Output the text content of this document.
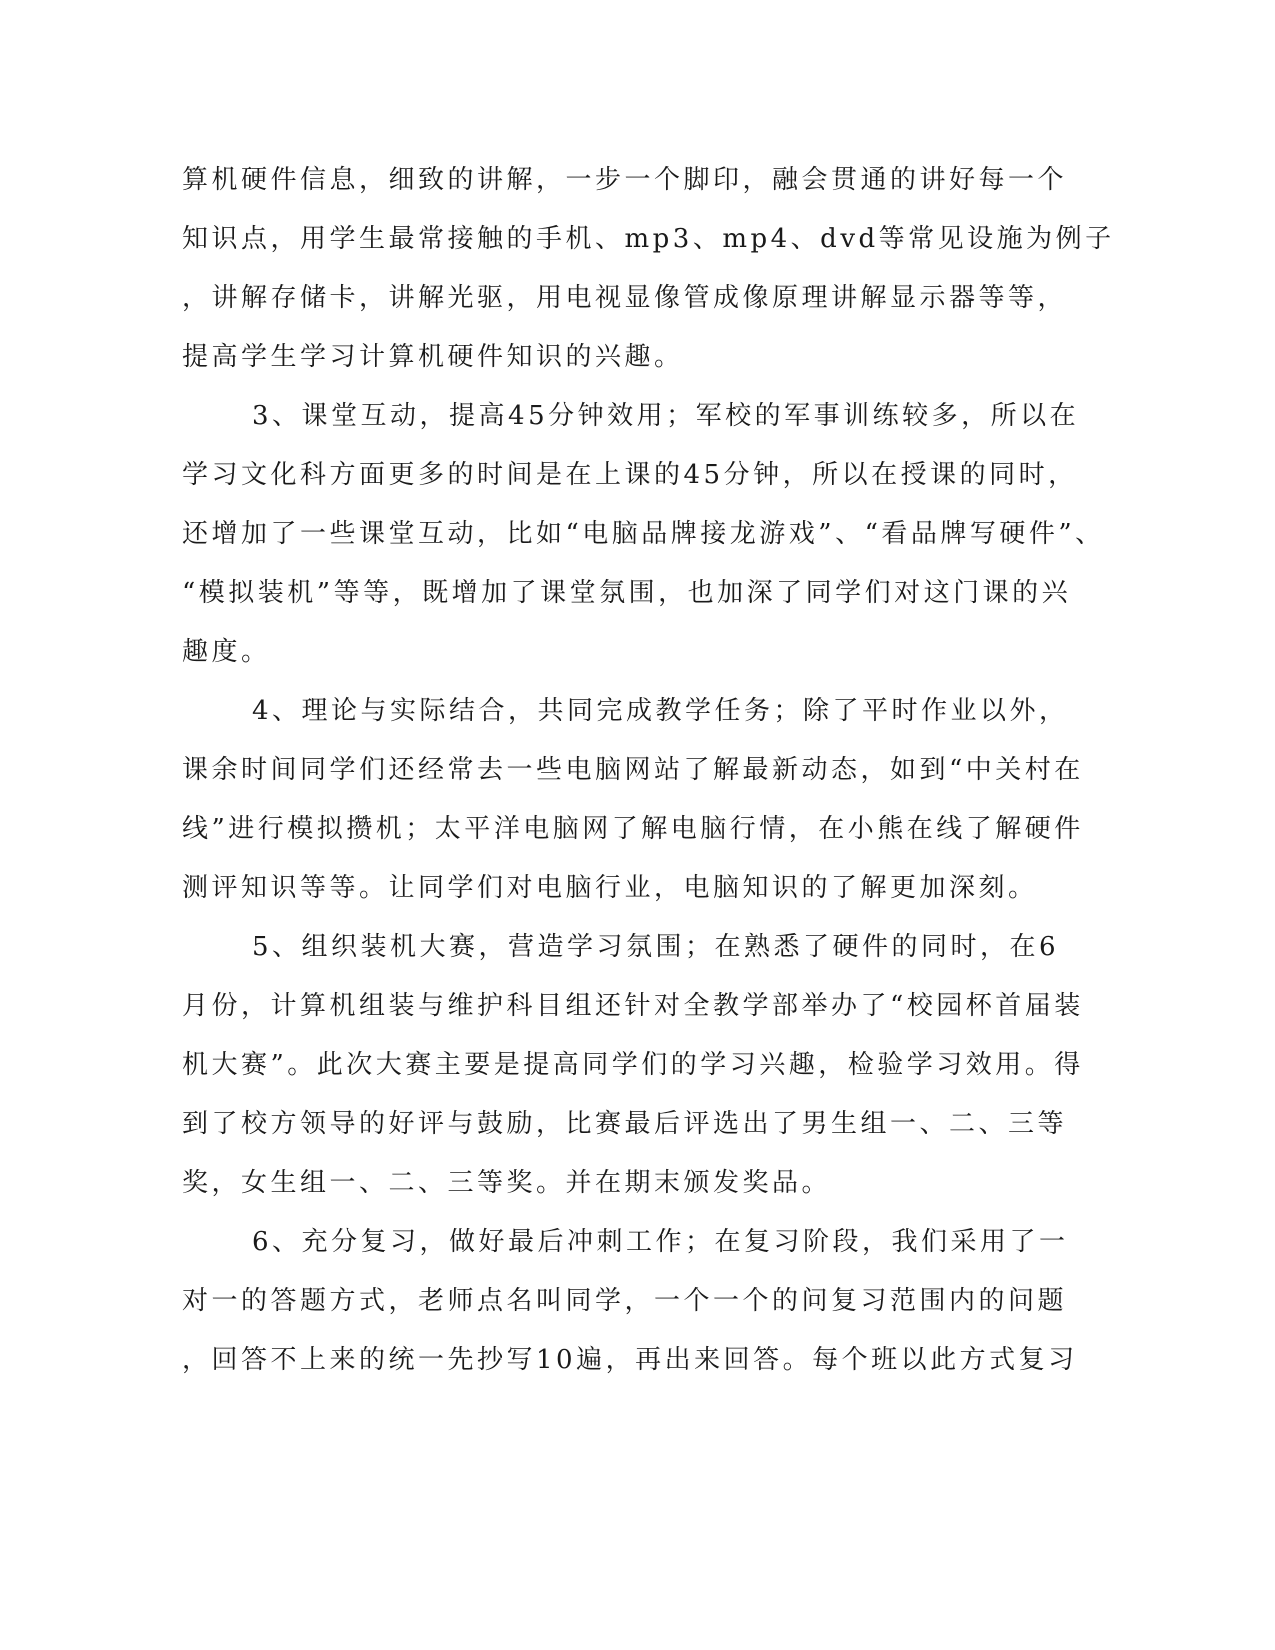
算机硬件信息，细致的讲解，一步一个脚印，融会贯通的讲好每一个
知识点，用学生最常接触的手机、mp3、mp4、dvd等常见设施为例子
，讲解存储卡，讲解光驱，用电视显像管成像原理讲解显示器等等，
提高学生学习计算机硬件知识的兴趣。
3、课堂互动，提高45分钟效用；军校的军事训练较多，所以在
学习文化科方面更多的时间是在上课的45分钟，所以在授课的同时，
还增加了一些课堂互动，比如“电脑品牌接龙游戏”、“看品牌写硬件”、
“模拟装机”等等，既增加了课堂氛围，也加深了同学们对这门课的兴
趣度。
4、理论与实际结合，共同完成教学任务；除了平时作业以外，
课余时间同学们还经常去一些电脑网站了解最新动态，如到“中关村在
线”进行模拟攒机；太平洋电脑网了解电脑行情，在小熊在线了解硬件
测评知识等等。让同学们对电脑行业，电脑知识的了解更加深刻。
5、组织装机大赛，营造学习氛围；在熟悉了硬件的同时，在6
月份，计算机组装与维护科目组还针对全教学部举办了“校园杯首届装
机大赛”。此次大赛主要是提高同学们的学习兴趣，检验学习效用。得
到了校方领导的好评与鼓励，比赛最后评选出了男生组一、二、三等
奖，女生组一、二、三等奖。并在期末颁发奖品。
6、充分复习，做好最后冲刺工作；在复习阶段，我们采用了一
对一的答题方式，老师点名叫同学，一个一个的问复习范围内的问题
，回答不上来的统一先抄写10遍，再出来回答。每个班以此方式复习
